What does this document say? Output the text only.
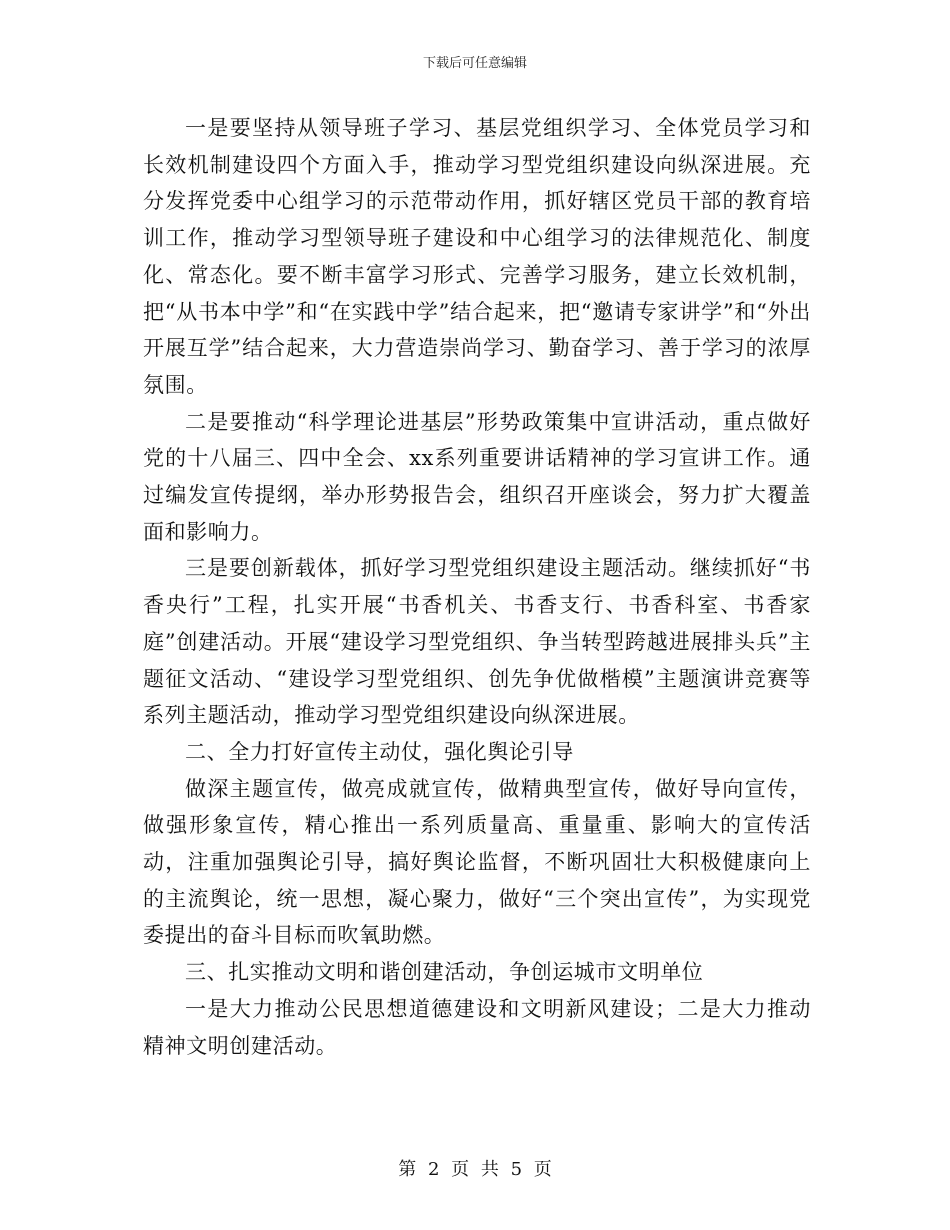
下载后可任意编辑

一是要坚持从领导班子学习、基层党组织学习、全体党员学习和长效机制建设四个方面入手，推动学习型党组织建设向纵深进展。充分发挥党委中心组学习的示范带动作用，抓好辖区党员干部的教育培训工作，推动学习型领导班子建设和中心组学习的法律规范化、制度化、常态化。要不断丰富学习形式、完善学习服务，建立长效机制，把“从书本中学”和“在实践中学”结合起来，把“邀请专家讲学”和“外出开展互学”结合起来，大力营造崇尚学习、勤奋学习、善于学习的浓厚氛围。

二是要推动“科学理论进基层”形势政策集中宣讲活动，重点做好党的十八届三、四中全会、xx系列重要讲话精神的学习宣讲工作。通过编发宣传提纲，举办形势报告会，组织召开座谈会，努力扩大覆盖面和影响力。

三是要创新载体，抓好学习型党组织建设主题活动。继续抓好“书香央行”工程，扎实开展“书香机关、书香支行、书香科室、书香家庭”创建活动。开展“建设学习型党组织、争当转型跨越进展排头兵”主题征文活动、“建设学习型党组织、创先争优做楷模”主题演讲竞赛等系列主题活动，推动学习型党组织建设向纵深进展。

二、全力打好宣传主动仗，强化舆论引导

做深主题宣传，做亮成就宣传，做精典型宣传，做好导向宣传，做强形象宣传，精心推出一系列质量高、重量重、影响大的宣传活动，注重加强舆论引导，搞好舆论监督，不断巩固壮大积极健康向上的主流舆论，统一思想，凝心聚力，做好“三个突出宣传”，为实现党委提出的奋斗目标而吹氧助燃。

三、扎实推动文明和谐创建活动，争创运城市文明单位

一是大力推动公民思想道德建设和文明新风建设；二是大力推动精神文明创建活动。

第 2 页 共 5 页
